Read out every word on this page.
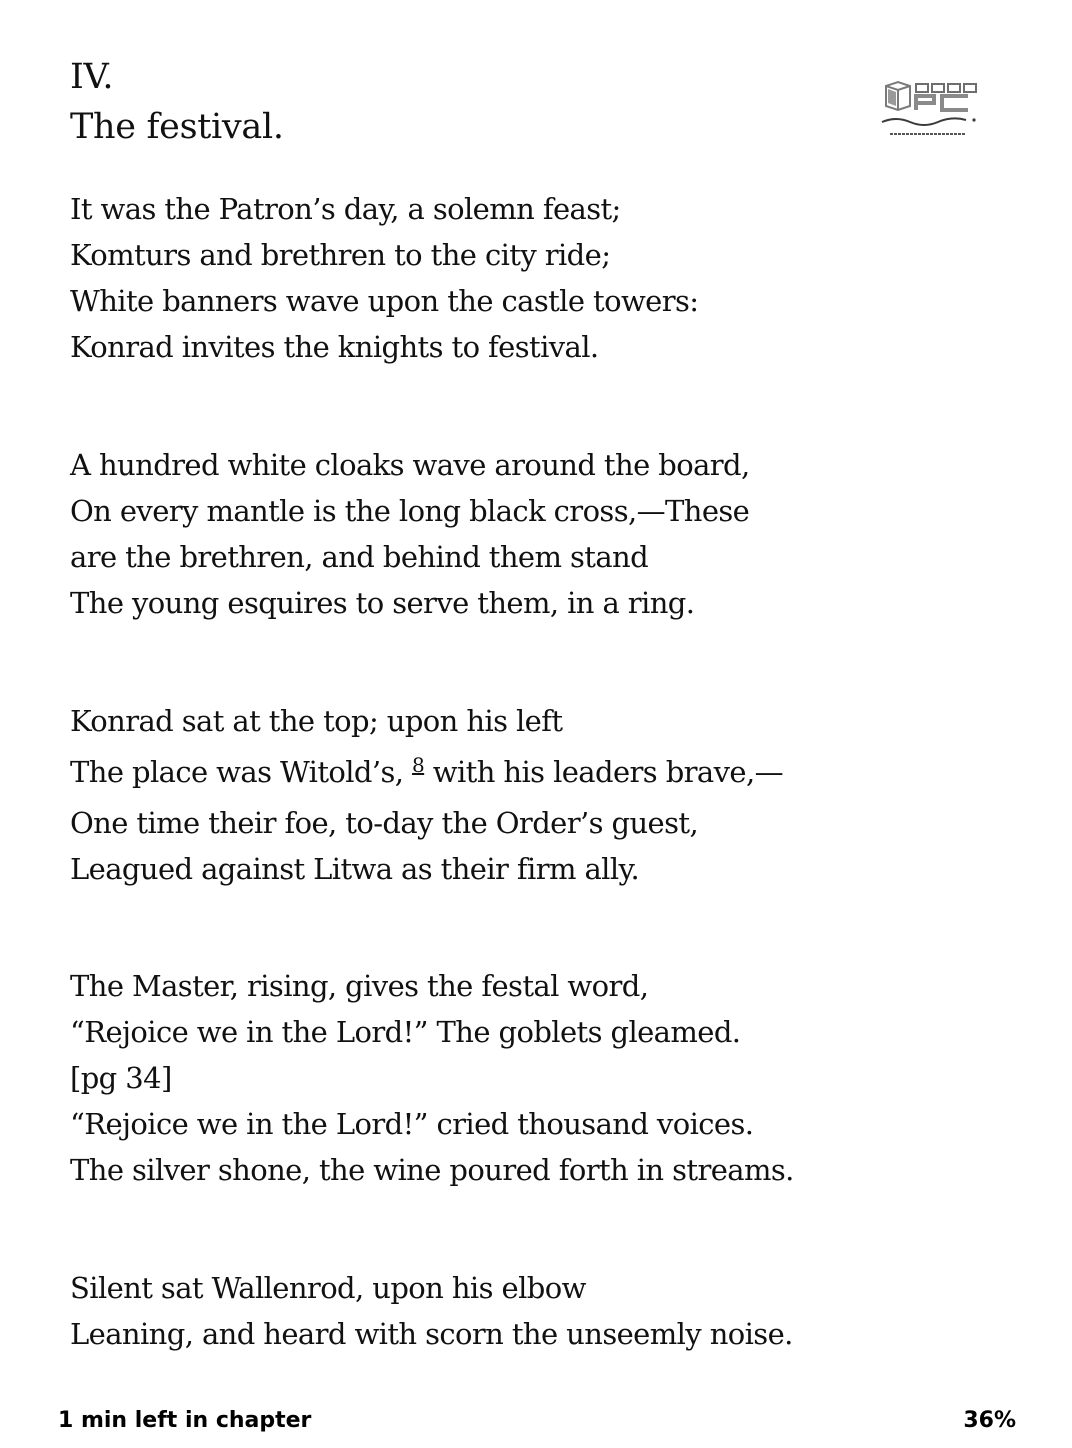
IV.
The festival.
It was the Patron’s day, a solemn feast;
Komturs and brethren to the city ride;
White banners wave upon the castle towers:
Konrad invites the knights to festival.
A hundred white cloaks wave around the board,
On every mantle is the long black cross,—These
are the brethren, and behind them stand
The young esquires to serve them, in a ring.
Konrad sat at the top; upon his left
The place was Witold’s, $^8$ with his leaders brave,—
One time their foe, to-day the Order’s guest,
Leagued against Litwa as their firm ally.
The Master, rising, gives the festal word,
“Rejoice we in the Lord!” The goblets gleamed.
[pg 34]
“Rejoice we in the Lord!” cried thousand voices.
The silver shone, the wine poured forth in streams.
Silent sat Wallenrod, upon his elbow
Leaning, and heard with scorn the unseemly noise.
1 min left in chapter	36%
